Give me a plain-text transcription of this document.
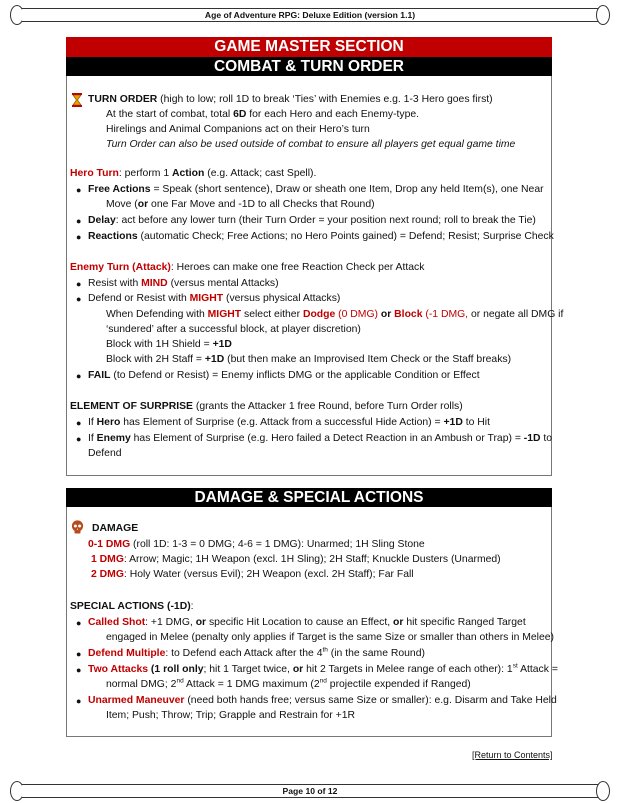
Age of Adventure RPG: Deluxe Edition (version 1.1)
GAME MASTER SECTION
COMBAT & TURN ORDER
TURN ORDER (high to low; roll 1D to break ‘Ties’ with Enemies e.g. 1-3 Hero goes first)
At the start of combat, total 6D for each Hero and each Enemy-type.
Hirelings and Animal Companions act on their Hero’s turn
Turn Order can also be used outside of combat to ensure all players get equal game time
Hero Turn: perform 1 Action (e.g. Attack; cast Spell).
● Free Actions = Speak (short sentence), Draw or sheath one Item, Drop any held Item(s), one Near
Move (or one Far Move and -1D to all Checks that Round)
● Delay: act before any lower turn (their Turn Order = your position next round; roll to break the Tie)
● Reactions (automatic Check; Free Actions; no Hero Points gained) = Defend; Resist; Surprise Check
Enemy Turn (Attack): Heroes can make one free Reaction Check per Attack
● Resist with MIND (versus mental Attacks)
● Defend or Resist with MIGHT (versus physical Attacks)
When Defending with MIGHT select either Dodge (0 DMG) or Block (-1 DMG, or negate all DMG if
‘sundered’ after a successful block, at player discretion)
Block with 1H Shield = +1D
Block with 2H Staff = +1D (but then make an Improvised Item Check or the Staff breaks)
● FAIL (to Defend or Resist) = Enemy inflicts DMG or the applicable Condition or Effect
ELEMENT OF SURPRISE (grants the Attacker 1 free Round, before Turn Order rolls)
● If Hero has Element of Surprise (e.g. Attack from a successful Hide Action) = +1D to Hit
● If Enemy has Element of Surprise (e.g. Hero failed a Detect Reaction in an Ambush or Trap) = -1D to
Defend
DAMAGE & SPECIAL ACTIONS
DAMAGE
0-1 DMG (roll 1D: 1-3 = 0 DMG; 4-6 = 1 DMG): Unarmed; 1H Sling Stone
1 DMG: Arrow; Magic; 1H Weapon (excl. 1H Sling); 2H Staff; Knuckle Dusters (Unarmed)
2 DMG: Holy Water (versus Evil); 2H Weapon (excl. 2H Staff); Far Fall
SPECIAL ACTIONS (-1D):
● Called Shot: +1 DMG, or specific Hit Location to cause an Effect, or hit specific Ranged Target
engaged in Melee (penalty only applies if Target is the same Size or smaller than others in Melee)
● Defend Multiple: to Defend each Attack after the 4th (in the same Round)
● Two Attacks (1 roll only; hit 1 Target twice, or hit 2 Targets in Melee range of each other): 1st Attack =
normal DMG; 2nd Attack = 1 DMG maximum (2nd projectile expended if Ranged)
● Unarmed Maneuver (need both hands free; versus same Size or smaller): e.g. Disarm and Take Held
Item; Push; Throw; Trip; Grapple and Restrain for +1R
[Return to Contents]
Page 10 of 12
